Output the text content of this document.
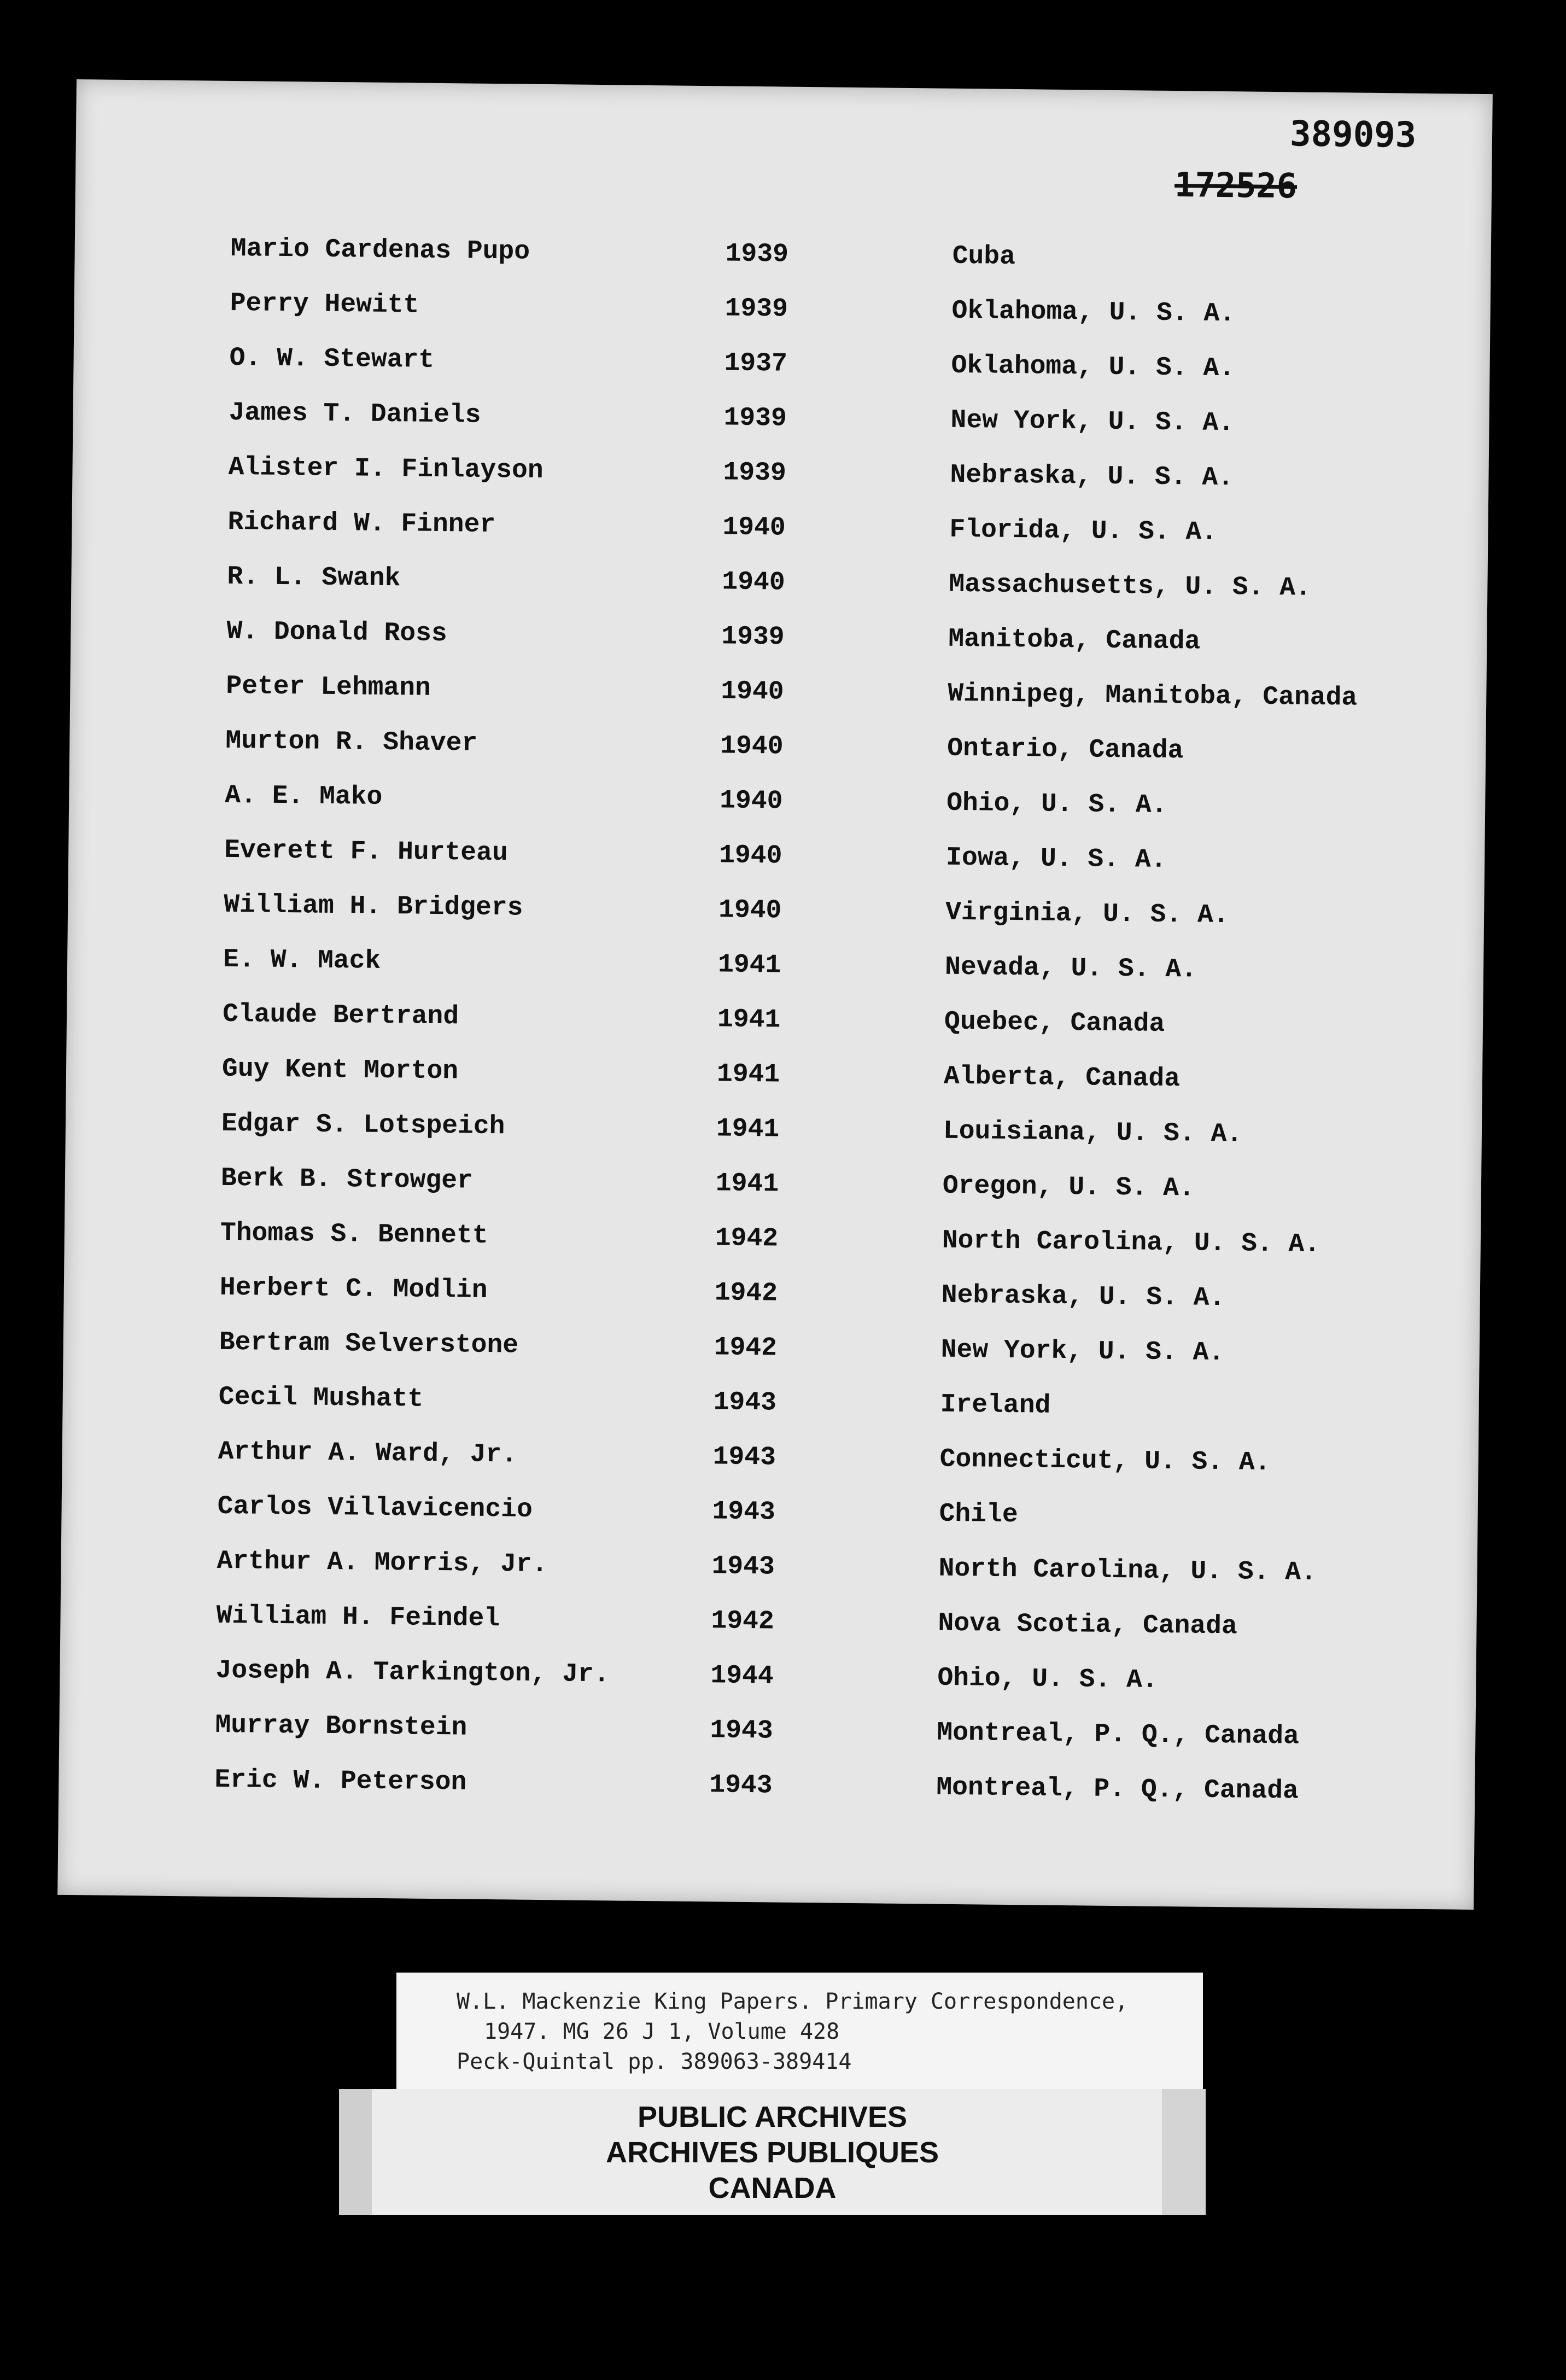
389093
172526
Mario Cardenas Pupo	1939	Cuba
Perry Hewitt	1939	Oklahoma, U. S. A.
O. W. Stewart	1937	Oklahoma, U. S. A.
James T. Daniels	1939	New York, U. S. A.
Alister I. Finlayson	1939	Nebraska, U. S. A.
Richard W. Finner	1940	Florida, U. S. A.
R. L. Swank	1940	Massachusetts, U. S. A.
W. Donald Ross	1939	Manitoba, Canada
Peter Lehmann	1940	Winnipeg, Manitoba, Canada
Murton R. Shaver	1940	Ontario, Canada
A. E. Mako	1940	Ohio, U. S. A.
Everett F. Hurteau	1940	Iowa, U. S. A.
William H. Bridgers	1940	Virginia, U. S. A.
E. W. Mack	1941	Nevada, U. S. A.
Claude Bertrand	1941	Quebec, Canada
Guy Kent Morton	1941	Alberta, Canada
Edgar S. Lotspeich	1941	Louisiana, U. S. A.
Berk B. Strowger	1941	Oregon, U. S. A.
Thomas S. Bennett	1942	North Carolina, U. S. A.
Herbert C. Modlin	1942	Nebraska, U. S. A.
Bertram Selverstone	1942	New York, U. S. A.
Cecil Mushatt	1943	Ireland
Arthur A. Ward, Jr.	1943	Connecticut, U. S. A.
Carlos Villavicencio	1943	Chile
Arthur A. Morris, Jr.	1943	North Carolina, U. S. A.
William H. Feindel	1942	Nova Scotia, Canada
Joseph A. Tarkington, Jr.	1944	Ohio, U. S. A.
Murray Bornstein	1943	Montreal, P. Q., Canada
Eric W. Peterson	1943	Montreal, P. Q., Canada
W.L. Mackenzie King Papers. Primary Correspondence,
1947. MG 26 J 1, Volume 428
Peck-Quintal pp. 389063-389414
PUBLIC ARCHIVES
ARCHIVES PUBLIQUES
CANADA
